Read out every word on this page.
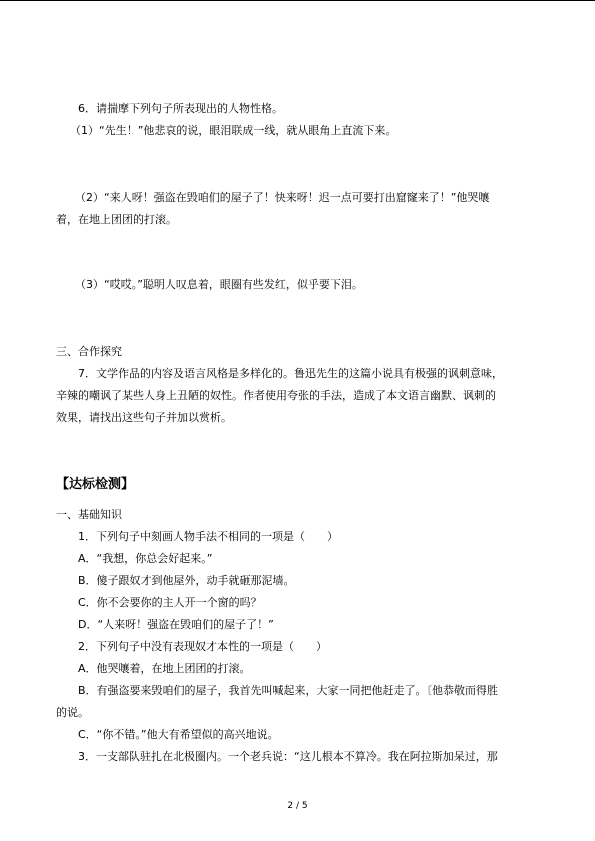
6．请揣摩下列句子所表现出的人物性格。
（1）“先生！”他悲哀的说，眼泪联成一线，就从眼角上直流下来。
（2）“来人呀！强盗在毁咱们的屋子了！快来呀！迟一点可要打出窟窿来了！”他哭嚷
着，在地上团团的打滚。
（3）“哎哎。”聪明人叹息着，眼圈有些发红，似乎要下泪。
三、合作探究
7．文学作品的内容及语言风格是多样化的。鲁迅先生的这篇小说具有极强的讽刺意味，
辛辣的嘲讽了某些人身上丑陋的奴性。作者使用夸张的手法，造成了本文语言幽默、讽刺的
效果，请找出这些句子并加以赏析。
【达标检测】
一、基础知识
1．下列句子中刻画人物手法不相同的一项是（　　）
A．“我想，你总会好起来。”
B．傻子跟奴才到他屋外，动手就砸那泥墙。
C．你不会要你的主人开一个窗的吗？
D．“人来呀！强盗在毁咱们的屋子了！”
2．下列句子中没有表现奴才本性的一项是（　　）
A．他哭嚷着，在地上团团的打滚。
B．有强盗要来毁咱们的屋子，我首先叫喊起来，大家一同把他赶走了。〔他恭敬而得胜
的说。
C．“你不错。”他大有希望似的高兴地说。
3．一支部队驻扎在北极圈内。一个老兵说：“这儿根本不算冷。我在阿拉斯加呆过，那
2 / 5
